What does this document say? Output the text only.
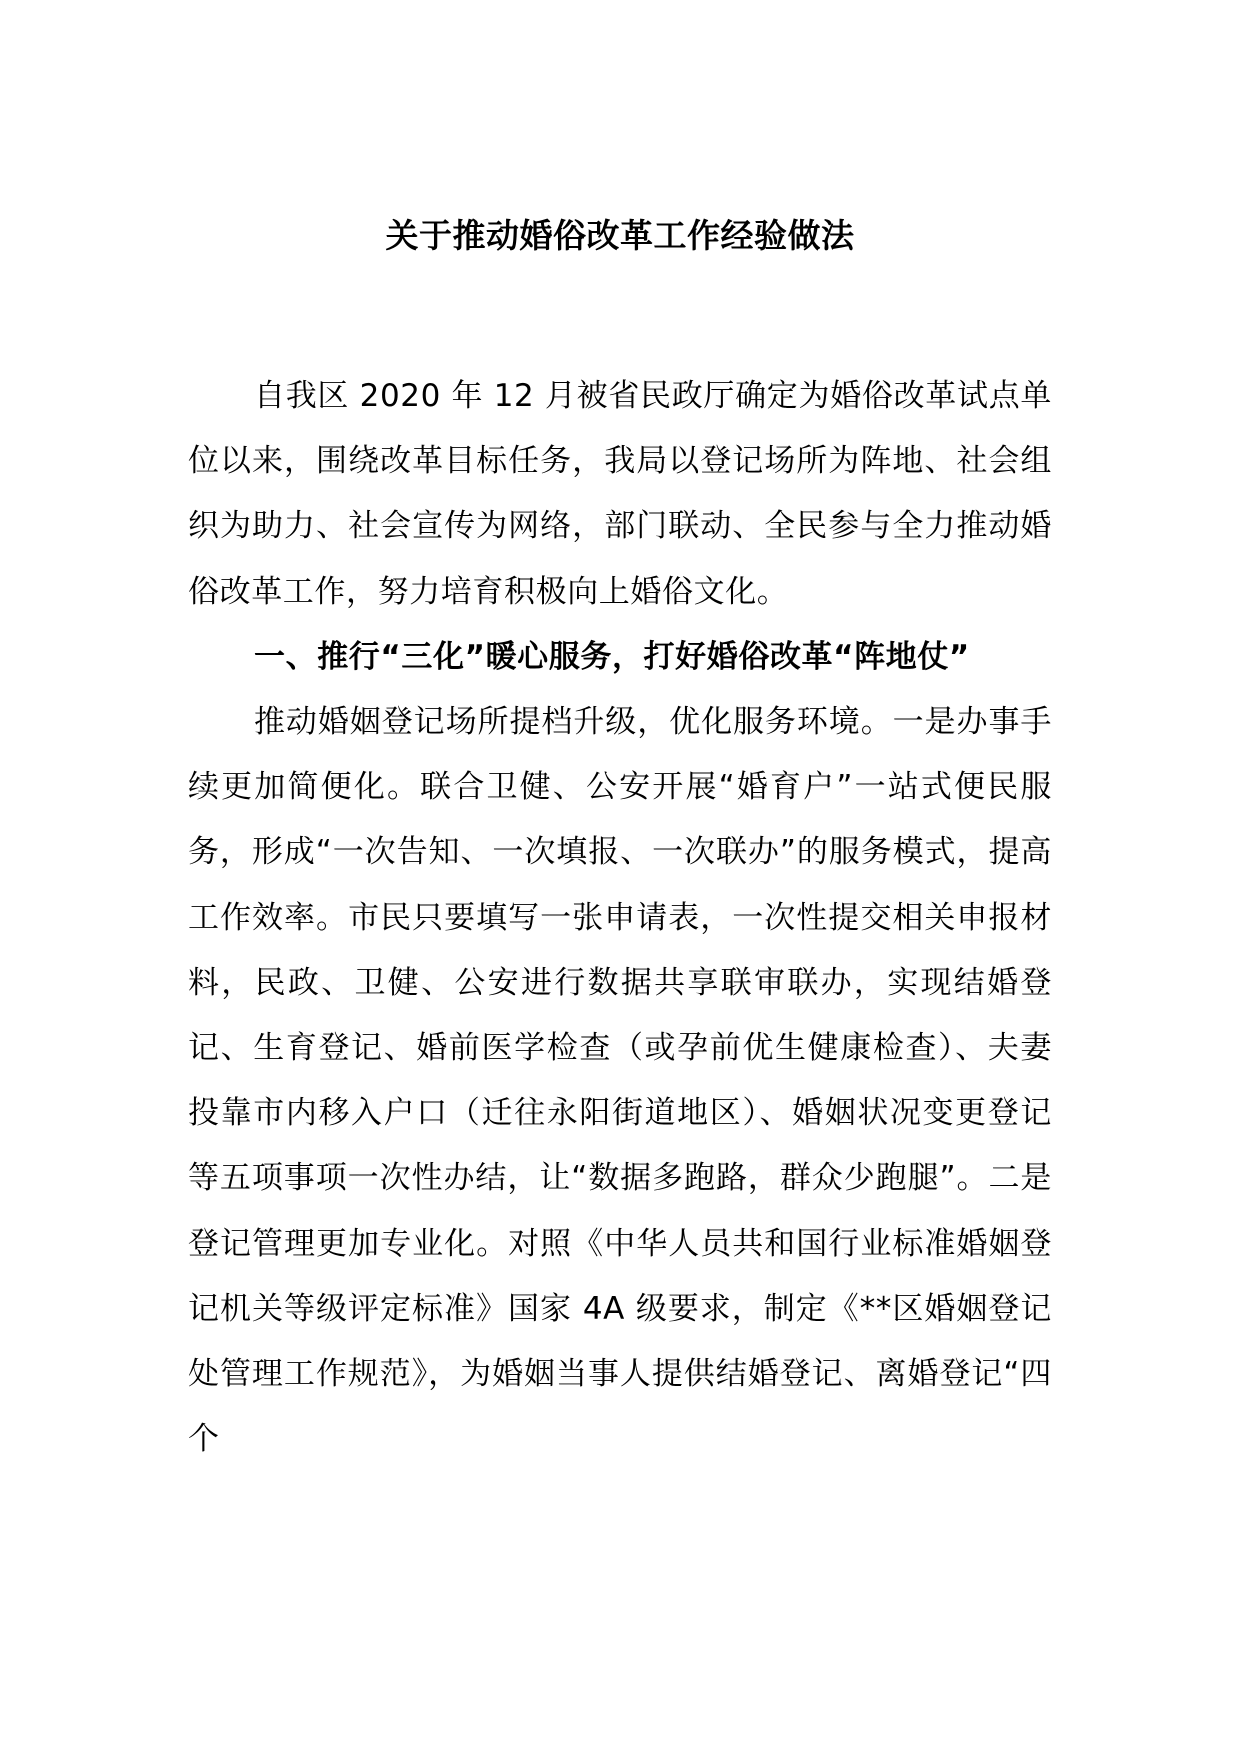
关于推动婚俗改革工作经验做法

自我区 2020 年 12 月被省民政厅确定为婚俗改革试点单位以来，围绕改革目标任务，我局以登记场所为阵地、社会组织为助力、社会宣传为网络，部门联动、全民参与全力推动婚俗改革工作，努力培育积极向上婚俗文化。

一、推行“三化”暖心服务，打好婚俗改革“阵地仗”

推动婚姻登记场所提档升级，优化服务环境。一是办事手续更加简便化。联合卫健、公安开展“婚育户”一站式便民服务，形成“一次告知、一次填报、一次联办”的服务模式，提高工作效率。市民只要填写一张申请表，一次性提交相关申报材料，民政、卫健、公安进行数据共享联审联办，实现结婚登记、生育登记、婚前医学检查（或孕前优生健康检查）、夫妻投靠市内移入户口（迁往永阳街道地区）、婚姻状况变更登记等五项事项一次性办结，让“数据多跑路，群众少跑腿”。二是登记管理更加专业化。对照《中华人员共和国行业标准婚姻登记机关等级评定标准》国家 4A 级要求，制定《**区婚姻登记处管理工作规范》，为婚姻当事人提供结婚登记、离婚登记“四个
